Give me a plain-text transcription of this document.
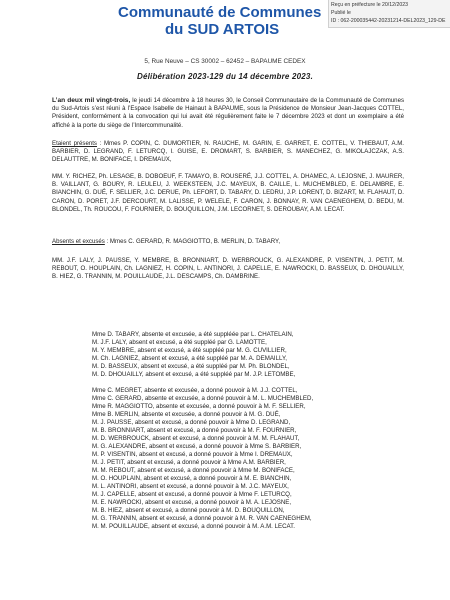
Communauté de Communes
du SUD ARTOIS
Reçu en préfecture le 20/12/2023
Publié le
ID : 062-200035442-20231214-DEL2023_129-DE
5, Rue Neuve – CS 30002 – 62452 – BAPAUME CEDEX
Délibération 2023-129 du 14 décembre 2023.
L’an deux mil vingt-trois, le jeudi 14 décembre à 18 heures 30, le Conseil Communautaire de la Communauté de Communes du Sud-Artois s’est réuni à l’Espace Isabelle de Hainaut à BAPAUME, sous la Présidence de Monsieur Jean-Jacques COTTEL, Président, conformément à la convocation qui lui avait été régulièrement faite le 7 décembre 2023 et dont un exemplaire a été affiché à la porte du siège de l’Intercommunalité.
Etaient présents : Mmes P. COPIN, C. DUMORTIER, N. RAUCHE, M. GARIN, E. GARRET, E. COTTEL, V. THIEBAUT, A.M. BARBIER, D. LEGRAND, F. LETURCQ, I. GUISE, E. DROMART, S. BARBIER, S. MANECHEZ, G. MIKOLAJCZAK, A.S. DELAUTTRE, M. BONIFACE, I. DREMAUX,
MM. Y. RICHEZ, Ph. LESAGE, B. DOBOEUF, F. TAMAYO, B. ROUSERÉ, J.J. COTTEL, A. DHAMEC, A. LEJOSNE, J. MAURER, B. VAILLANT, G. BOURY, R. LEULEU, J. WEEKSTEEN, J.C. MAYEUX, B. CAILLE, L. MUCHEMBLED, E. DELAMBRE, E. BIANCHIN, G. DUÉ, F. SELLIER, J.C. DERUE, Ph. LEFORT, D. TABARY, D. LEDRU, J.P. LORENT, D. BIZART, M. FLAHAUT, D. CARON, D. PORET, J.F. DERCOURT, M. LALISSE, P. WELELE, F. CARON, J. BONNAY, R. VAN CAENEGHEM, D. BEDU, M. BLONDEL, Th. ROUCOU, F. FOURNIER, D. BOUQUILLON, J.M. LECORNET, S. DEROUBAY, A.M. LECAT.
Absents et excusés : Mmes C. GERARD, R. MAGGIOTTO, B. MERLIN, D. TABARY,
MM. J.F. LALY, J. PAUSSE, Y. MEMBRE, B. BRONNIART, D. WERBROUCK, G. ALEXANDRE, P. VISENTIN, J. PETIT, M. REBOUT, O. HOUPLAIN, Ch. LAGNIEZ, H. COPIN, L. ANTINORI, J. CAPELLE, E. NAWROCKI, D. BASSEUX, D. DHOUAILLY, B. HIEZ, G. TRANNIN, M. POUILLAUDE, J.L. DESCAMPS, Ch. DAMBRINE.
Mme D. TABARY, absente et excusée, a été suppléée par L. CHATELAIN,
M. J.F. LALY, absent et excusé, a été suppléé par G. LAMOTTE,
M. Y. MEMBRE, absent et excusé, a été suppléé par M. G. CUVILLIER,
M. Ch. LAGNIEZ, absent et excusé, a été suppléé par M. A. DEMAILLY,
M. D. BASSEUX, absent et excusé, a été suppléé par M. Ph. BLONDEL,
M. D. DHOUAILLY, absent et excusé, a été suppléé par M. J.P. LETOMBE,
Mme C. MEGRET, absente et excusée, a donné pouvoir à M. J.J. COTTEL,
Mme C. GERARD, absente et excusée, a donné pouvoir à M. L. MUCHEMBLED,
Mme R. MAGGIOTTO, absente et excusée, a donné pouvoir à M. F. SELLIER,
Mme B. MERLIN, absente et excusée, a donné pouvoir à M. G. DUÉ,
M. J. PAUSSE, absent et excusé, a donné pouvoir à Mme D. LEGRAND,
M. B. BRONNIART, absent et excusé, a donné pouvoir à M. F. FOURNIER,
M. D. WERBROUCK, absent et excusé, a donné pouvoir à M. M. FLAHAUT,
M. G. ALEXANDRE, absent et excusé, a donné pouvoir à Mme S. BARBIER,
M. P. VISENTIN, absent et excusé, a donné pouvoir à Mme I. DREMAUX,
M. J. PETIT, absent et excusé, a donné pouvoir à Mme A.M. BARBIER,
M. M. REBOUT, absent et excusé, a donné pouvoir à Mme M. BONIFACE,
M. O. HOUPLAIN, absent et excusé, a donné pouvoir à M. E. BIANCHIN,
M. L. ANTINORI, absent et excusé, a donné pouvoir à M. J.C. MAYEUX,
M. J. CAPELLE, absent et excusé, a donné pouvoir à Mme F. LETURCQ,
M. E. NAWROCKI, absent et excusé, a donné pouvoir à M. A. LEJOSNE,
M. B. HIEZ, absent et excusé, a donné pouvoir à M. D. BOUQUILLON,
M. G. TRANNIN, absent et excusé, a donné pouvoir à M. R. VAN CAENEGHEM,
M. M. POUILLAUDE, absent et excusé, a donné pouvoir à M. A.M. LECAT.
